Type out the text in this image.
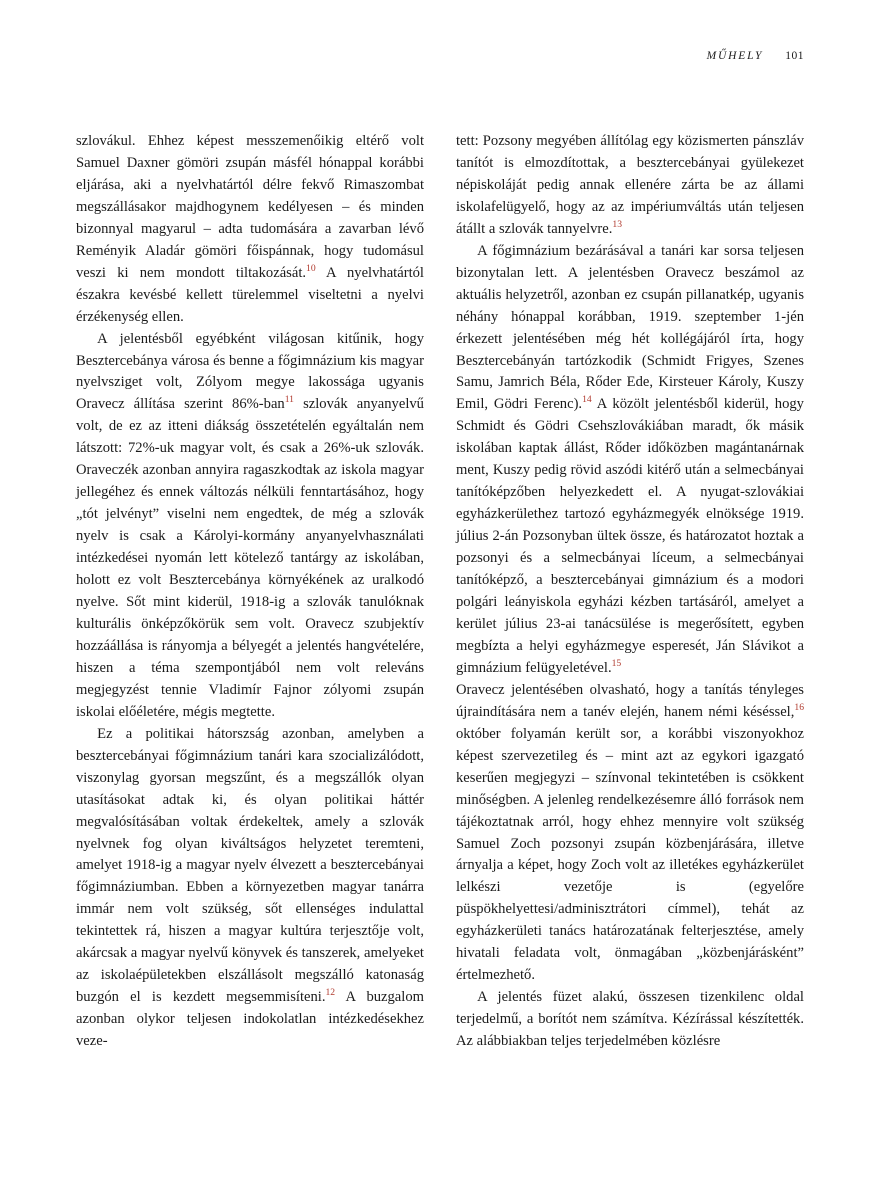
MŰHELY 101

szlovákul. Ehhez képest messzemenőikig eltérő volt Samuel Daxner gömöri zsupán másfél hónappal korábbi eljárása, aki a nyelvhatártól délre fekvő Rimaszombat megszállásakor majdhogynem kedélyesen – és minden bizonnyal magyarul – adta tudomására a zavarban lévő Reményik Aladár gömöri főispánnak, hogy tudomásul veszi ki nem mondott tiltakozását.$^{10}$ A nyelvhatártól északra kevésbé kellett türelemmel viseltetni a nyelvi érzékenység ellen.

A jelentésből egyébként világosan kitűnik, hogy Besztercebánya városa és benne a főgimnázium kis magyar nyelvsziget volt, Zólyom megye lakossága ugyanis Oravecz állítása szerint 86%-ban$^{11}$ szlovák anyanyelvű volt, de ez az itteni diákság összetételén egyáltalán nem látszott: 72%-uk magyar volt, és csak a 26%-uk szlovák. Oraveczék azonban annyira ragaszkodtak az iskola magyar jellegéhez és ennek változás nélküli fenntartásához, hogy „tót jelvényt” viselni nem engedtek, de még a szlovák nyelv is csak a Károlyi-kormány anyanyelvhasználati intézkedései nyomán lett kötelező tantárgy az iskolában, holott ez volt Besztercebánya környékének az uralkodó nyelve. Sőt mint kiderül, 1918-ig a szlovák tanulóknak kulturális önképzőkörük sem volt. Oravecz szubjektív hozzáállása is rányomja a bélyegét a jelentés hangvételére, hiszen a téma szempontjából nem volt releváns megjegyzést tennie Vladimír Fajnor zólyomi zsupán iskolai előéletére, mégis megtette.

Ez a politikai hátorszság azonban, amelyben a besztercebányai főgimnázium tanári kara szocializálódott, viszonylag gyorsan megszűnt, és a megszállók olyan utasításokat adtak ki, és olyan politikai háttér megvalósításában voltak érdekeltek, amely a szlovák nyelvnek fog olyan kiváltságos helyzetet teremteni, amelyet 1918-ig a magyar nyelv élvezett a besztercebányai főgimnáziumban. Ebben a környezetben magyar tanárra immár nem volt szükség, sőt ellenséges indulattal tekintettek rá, hiszen a magyar kultúra terjesztője volt, akárcsak a magyar nyelvű könyvek és tanszerek, amelyeket az iskolaépületekben elszállásolt megszálló katonaság buzgón el is kezdett megsemmisíteni.$^{12}$ A buzgalom azonban olykor teljesen indokolatlan intézkedésekhez veze-

tett: Pozsony megyében állítólag egy közismerten pánszláv tanítót is elmozdítottak, a besztercebányai gyülekezet népiskoláját pedig annak ellenére zárta be az állami iskolafelügyelő, hogy az az impériumváltás után teljesen átállt a szlovák tannyelvre.$^{13}$

A főgimnázium bezárásával a tanári kar sorsa teljesen bizonytalan lett. A jelentésben Oravecz beszámol az aktuális helyzetről, azonban ez csupán pillanatkép, ugyanis néhány hónappal korábban, 1919. szeptember 1-jén érkezett jelentésében még hét kollégájáról írta, hogy Besztercebányán tartózkodik (Schmidt Frigyes, Szenes Samu, Jamrich Béla, Rőder Ede, Kirsteuer Károly, Kuszy Emil, Gödri Ferenc).$^{14}$ A közölt jelentésből kiderül, hogy Schmidt és Gödri Csehszlovákiában maradt, ők másik iskolában kaptak állást, Rőder időközben magántanárnak ment, Kuszy pedig rövid aszódi kitérő után a selmecbányai tanítóképzőben helyezkedett el. A nyugat-szlovákiai egyházkerülethez tartozó egyházmegyék elnöksége 1919. július 2-án Pozsonyban ültek össze, és határozatot hoztak a pozsonyi és a selmecbányai líceum, a selmecbányai tanítóképző, a besztercebányai gimnázium és a modori polgári leányiskola egyházi kézben tartásáról, amelyet a kerület július 23-ai tanácsülése is megerősített, egyben megbízta a helyi egyházmegye esperesét, Ján Slávikot a gimnázium felügyeletével.$^{15}$

Oravecz jelentésében olvasható, hogy a tanítás tényleges újraindítására nem a tanév elején, hanem némi késéssel,$^{16}$ október folyamán került sor, a korábbi viszonyokhoz képest szervezetileg és – mint azt az egykori igazgató keserűen megjegyzi – színvonal tekintetében is csökkent minőségben. A jelenleg rendelkezésemre álló források nem tájékoztatnak arról, hogy ehhez mennyire volt szükség Samuel Zoch pozsonyi zsupán közbenjárására, illetve árnyalja a képet, hogy Zoch volt az illetékes egyházkerület lelkészi vezetője is (egyelőre püspökhelyettesi/adminisztrátori címmel), tehát az egyházkerületi tanács határozatának felterjesztése, amely hivatali feladata volt, önmagában „közbenjárásként” értelmezhető.

A jelentés füzet alakú, összesen tizenkilenc oldal terjedelmű, a borítót nem számítva. Kézírással készítették. Az alábbiakban teljes terjedelmében közlésre
